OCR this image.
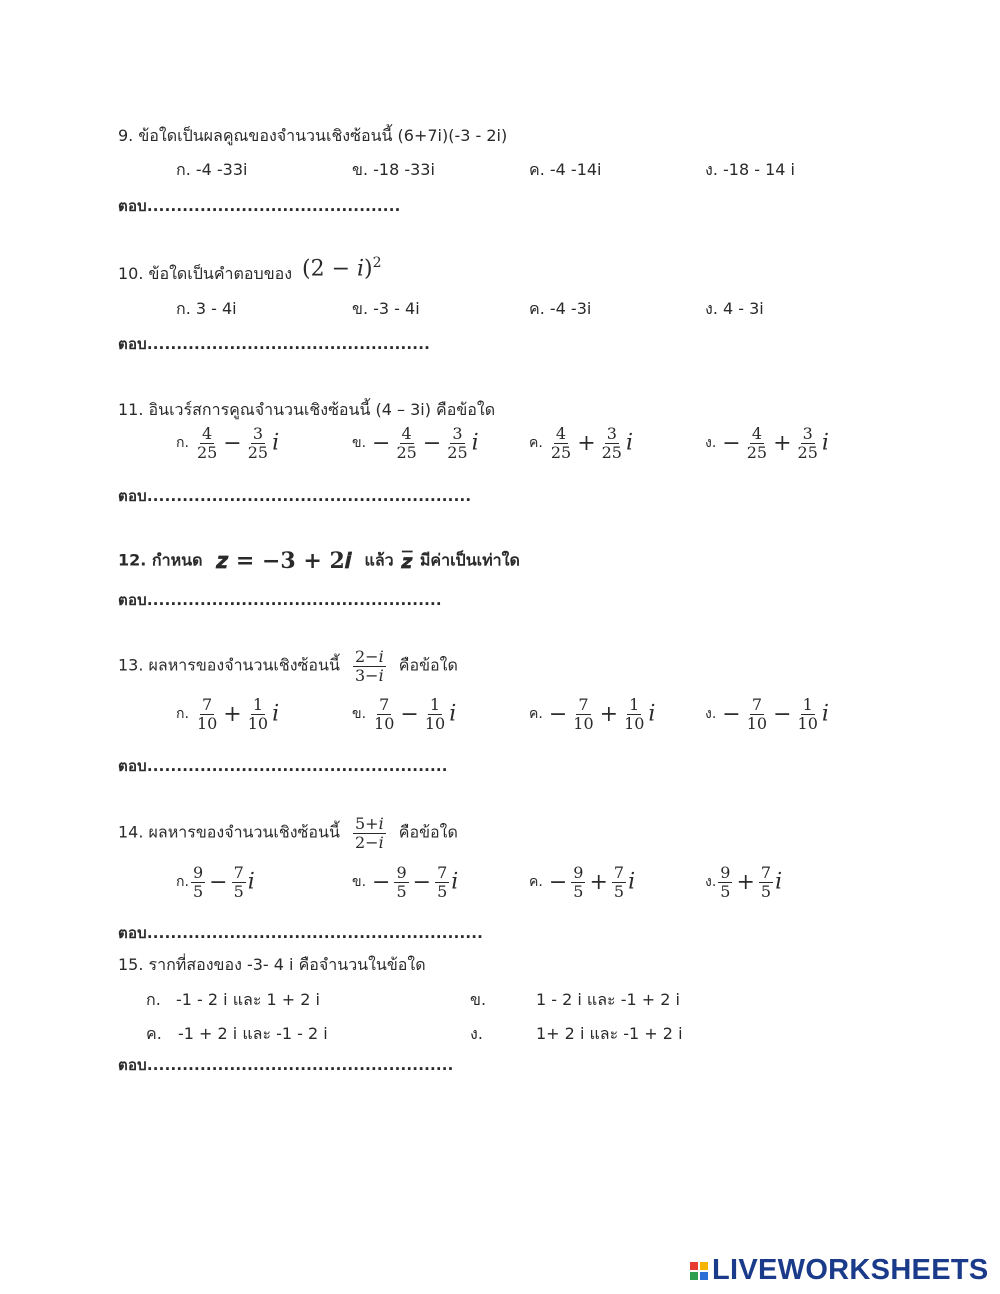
9. ข้อใดเป็นผลคูณของจำนวนเชิงซ้อนนี้ (6+7i)(-3 - 2i)
ก. -4 -33i	ข. -18 -33i	ค. -4 -14i	ง. -18 - 14 i
ตอบ...........................................
10. ข้อใดเป็นคำตอบของ (2 − 𝑖)$^2$
ก. 3 - 4i	ข. -3 - 4i	ค. -4 -3i	ง. 4 - 3i
ตอบ................................................
11. อินเวร์สการคูณจำนวนเชิงซ้อนนี้ (4 – 3i) คือข้อใด
ก. $\frac{4}{25} - \frac{3}{25}$ 𝑖	ข. − $\frac{4}{25} - \frac{3}{25}$ 𝑖	ค. $\frac{4}{25} + \frac{3}{25}$ 𝑖	ง. − $\frac{4}{25} + \frac{3}{25}$ 𝑖
ตอบ.......................................................
12. กำหนด 𝒛 = −𝟑 + 𝟐𝒊 แล้ว 𝒛̅ มีค่าเป็นเท่าใด
ตอบ..................................................
13. ผลหารของจำนวนเชิงซ้อนนี้ $\frac{\text{2−𝑖}}{\text{3−𝑖}}$ คือข้อใด
ก. $\frac{7}{10} + \frac{1}{10}$ 𝑖	ข. $\frac{7}{10} - \frac{1}{10}$ 𝑖	ค. − $\frac{7}{10} + \frac{1}{10}$ 𝑖	ง. − $\frac{7}{10} - \frac{1}{10}$ 𝑖
ตอบ...................................................
14. ผลหารของจำนวนเชิงซ้อนนี้ $\frac{\text{5+𝑖}}{\text{2−𝑖}}$ คือข้อใด
ก. $\frac{9}{5} - \frac{7}{5}$ 𝑖	ข. − $\frac{9}{5} - \frac{7}{5}$ 𝑖	ค. − $\frac{9}{5} + \frac{7}{5}$ 𝑖	ง. $\frac{9}{5} + \frac{7}{5}$ 𝑖
ตอบ.........................................................
15. รากที่สองของ -3- 4 i คือจำนวนในข้อใด
ก. -1 - 2 i และ 1 + 2 i	ข.	1 - 2 i และ -1 + 2 i
ค. -1 + 2 i และ -1 - 2 i	ง.	1+ 2 i และ -1 + 2 i
ตอบ....................................................
LIVEWORKSHEETS
